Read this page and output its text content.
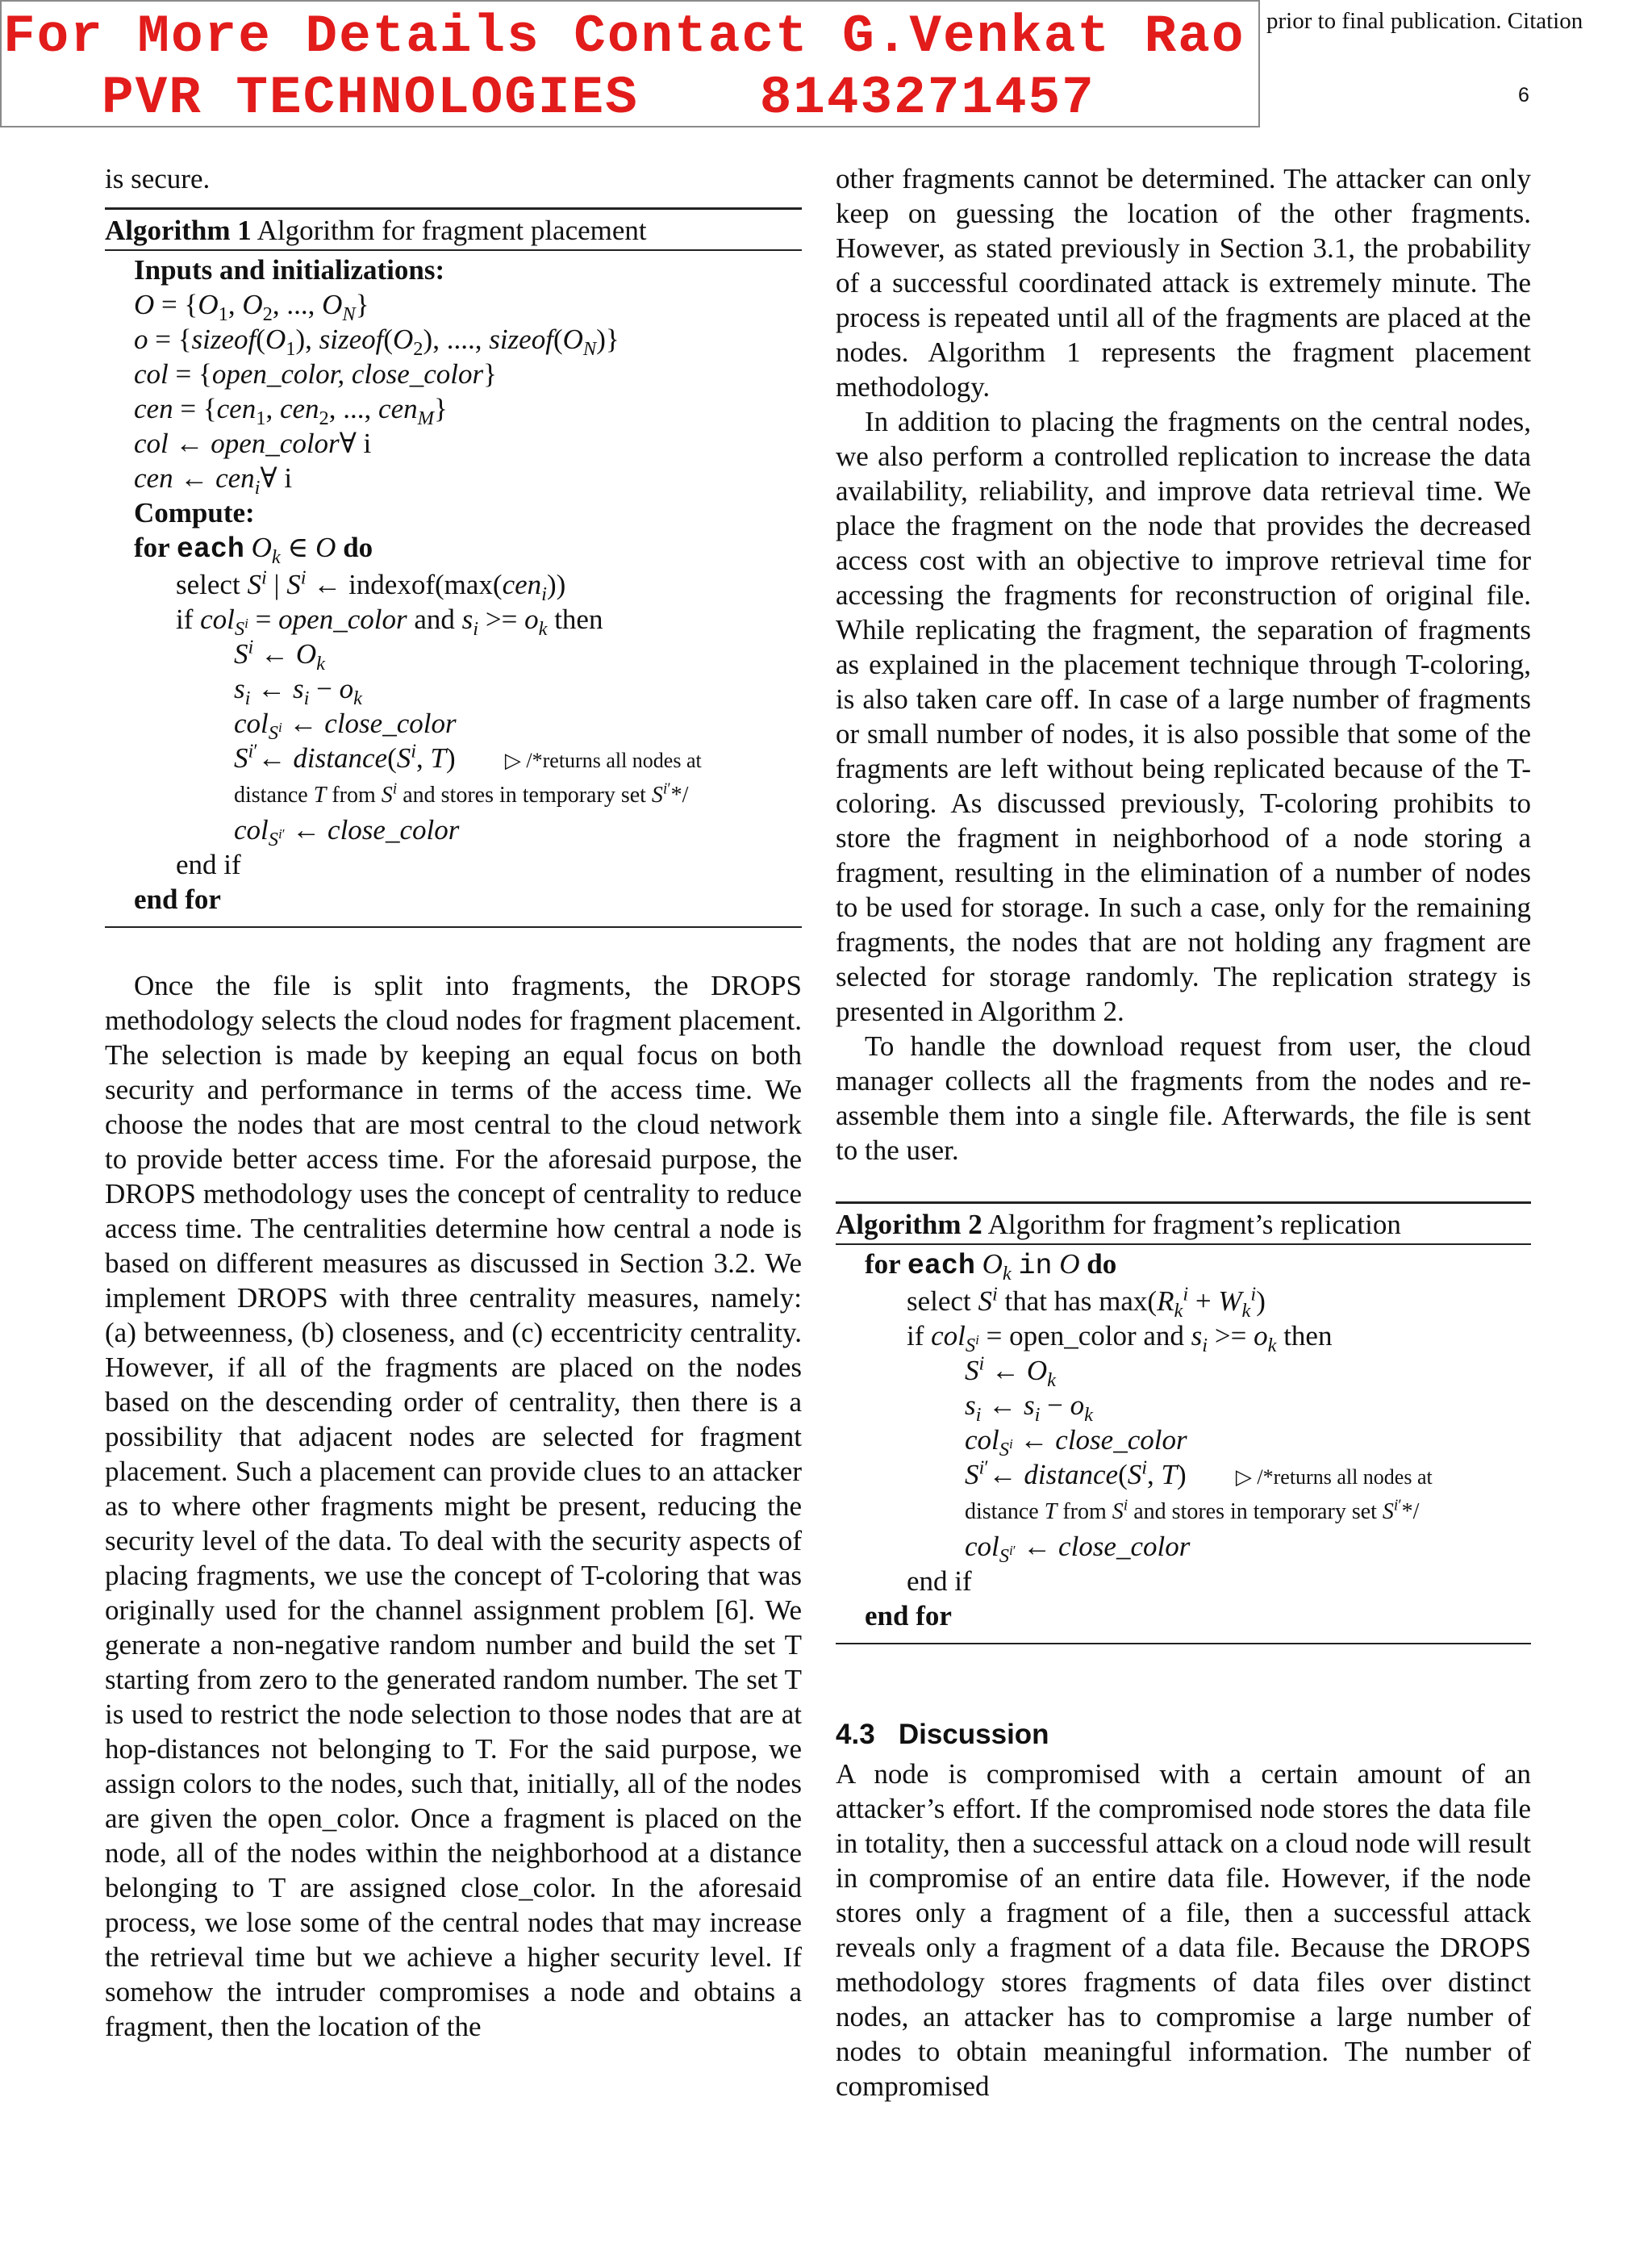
For More Details Contact G.Venkat Rao
PVR TECHNOLOGIES 8143271457
prior to final publication. Citation
6

is secure.

Algorithm 1 Algorithm for fragment placement
Inputs and initializations:
$O = \{O_1$, $O_2$, ..., $O_N$}
$o = \{sizeof(O_1)$, $sizeof(O_2)$, ...., $sizeof(O_N)$}
col = {open_color, close_color}
cen = {cen$_1$, cen$_2$, ..., cen$_M$}
col ← open_color∀ i
cen ← cen$_i$∀ i
Compute:
for each $O_k$ ∈ O do
select $S^i$ | $S^i$ ← indexof(max(cen$_i$))
if col$_{S^i}$ = open_color and $s_i >= o_k$ then
$S^i$ ← $O_k$
$s_i$ ← $s_i - o_k$
col$_{S^i}$ ← close_color
$S^{i'}\leftarrow$ $distance(S^i$, T)       ▷ /*returns all nodes at
distance T from $S^i$ and stores in temporary set $S^{i'}*/$
col$_{S^{i'}}$ ← close_color
end if
end for

Once the file is split into fragments, the DROPS methodology selects the cloud nodes for fragment placement. The selection is made by keeping an equal focus on both security and performance in terms of the access time. We choose the nodes that are most central to the cloud network to provide better access time. For the aforesaid purpose, the DROPS methodology uses the concept of centrality to reduce access time. The centralities determine how central a node is based on different measures as discussed in Section 3.2. We implement DROPS with three centrality measures, namely: (a) betweenness, (b) closeness, and (c) eccentricity centrality. However, if all of the fragments are placed on the nodes based on the descending order of centrality, then there is a possibility that adjacent nodes are selected for fragment placement. Such a placement can provide clues to an attacker as to where other fragments might be present, reducing the security level of the data. To deal with the security aspects of placing fragments, we use the concept of T-coloring that was originally used for the channel assignment problem [6]. We generate a non-negative random number and build the set T starting from zero to the generated random number. The set T is used to restrict the node selection to those nodes that are at hop-distances not belonging to T. For the said purpose, we assign colors to the nodes, such that, initially, all of the nodes are given the open_color. Once a fragment is placed on the node, all of the nodes within the neighborhood at a distance belonging to T are assigned close_color. In the aforesaid process, we lose some of the central nodes that may increase the retrieval time but we achieve a higher security level. If somehow the intruder compromises a node and obtains a fragment, then the location of the

other fragments cannot be determined. The attacker can only keep on guessing the location of the other fragments. However, as stated previously in Section 3.1, the probability of a successful coordinated attack is extremely minute. The process is repeated until all of the fragments are placed at the nodes. Algorithm 1 represents the fragment placement methodology.

In addition to placing the fragments on the central nodes, we also perform a controlled replication to increase the data availability, reliability, and improve data retrieval time. We place the fragment on the node that provides the decreased access cost with an objective to improve retrieval time for accessing the fragments for reconstruction of original file. While replicating the fragment, the separation of fragments as explained in the placement technique through T-coloring, is also taken care off. In case of a large number of fragments or small number of nodes, it is also possible that some of the fragments are left without being replicated because of the T-coloring. As discussed previously, T-coloring prohibits to store the fragment in neighborhood of a node storing a fragment, resulting in the elimination of a number of nodes to be used for storage. In such a case, only for the remaining fragments, the nodes that are not holding any fragment are selected for storage randomly. The replication strategy is presented in Algorithm 2.

To handle the download request from user, the cloud manager collects all the fragments from the nodes and re-assemble them into a single file. Afterwards, the file is sent to the user.

Algorithm 2 Algorithm for fragment’s replication
for each $O_k$ in O do
select $S^i$ that has $\max(R_k^i + W_k^i)$
if col$_{S^i}$ = open_color and $s_i >= o_k$ then
$S^i$ ← $O_k$
$s_i$ ← $s_i - o_k$
col$_{S^i}$ ← close_color
$S^{i'}\leftarrow$ $distance(S^i$, T)       ▷ /*returns all nodes at
distance T from $S^i$ and stores in temporary set $S^{i'}*/$
col$_{S^{i'}}$ ← close_color
end if
end for
4.3   Discussion

A node is compromised with a certain amount of an attacker’s effort. If the compromised node stores the data file in totality, then a successful attack on a cloud node will result in compromise of an entire data file. However, if the node stores only a fragment of a file, then a successful attack reveals only a fragment of a data file. Because the DROPS methodology stores fragments of data files over distinct nodes, an attacker has to compromise a large number of nodes to obtain meaningful information. The number of compromised
